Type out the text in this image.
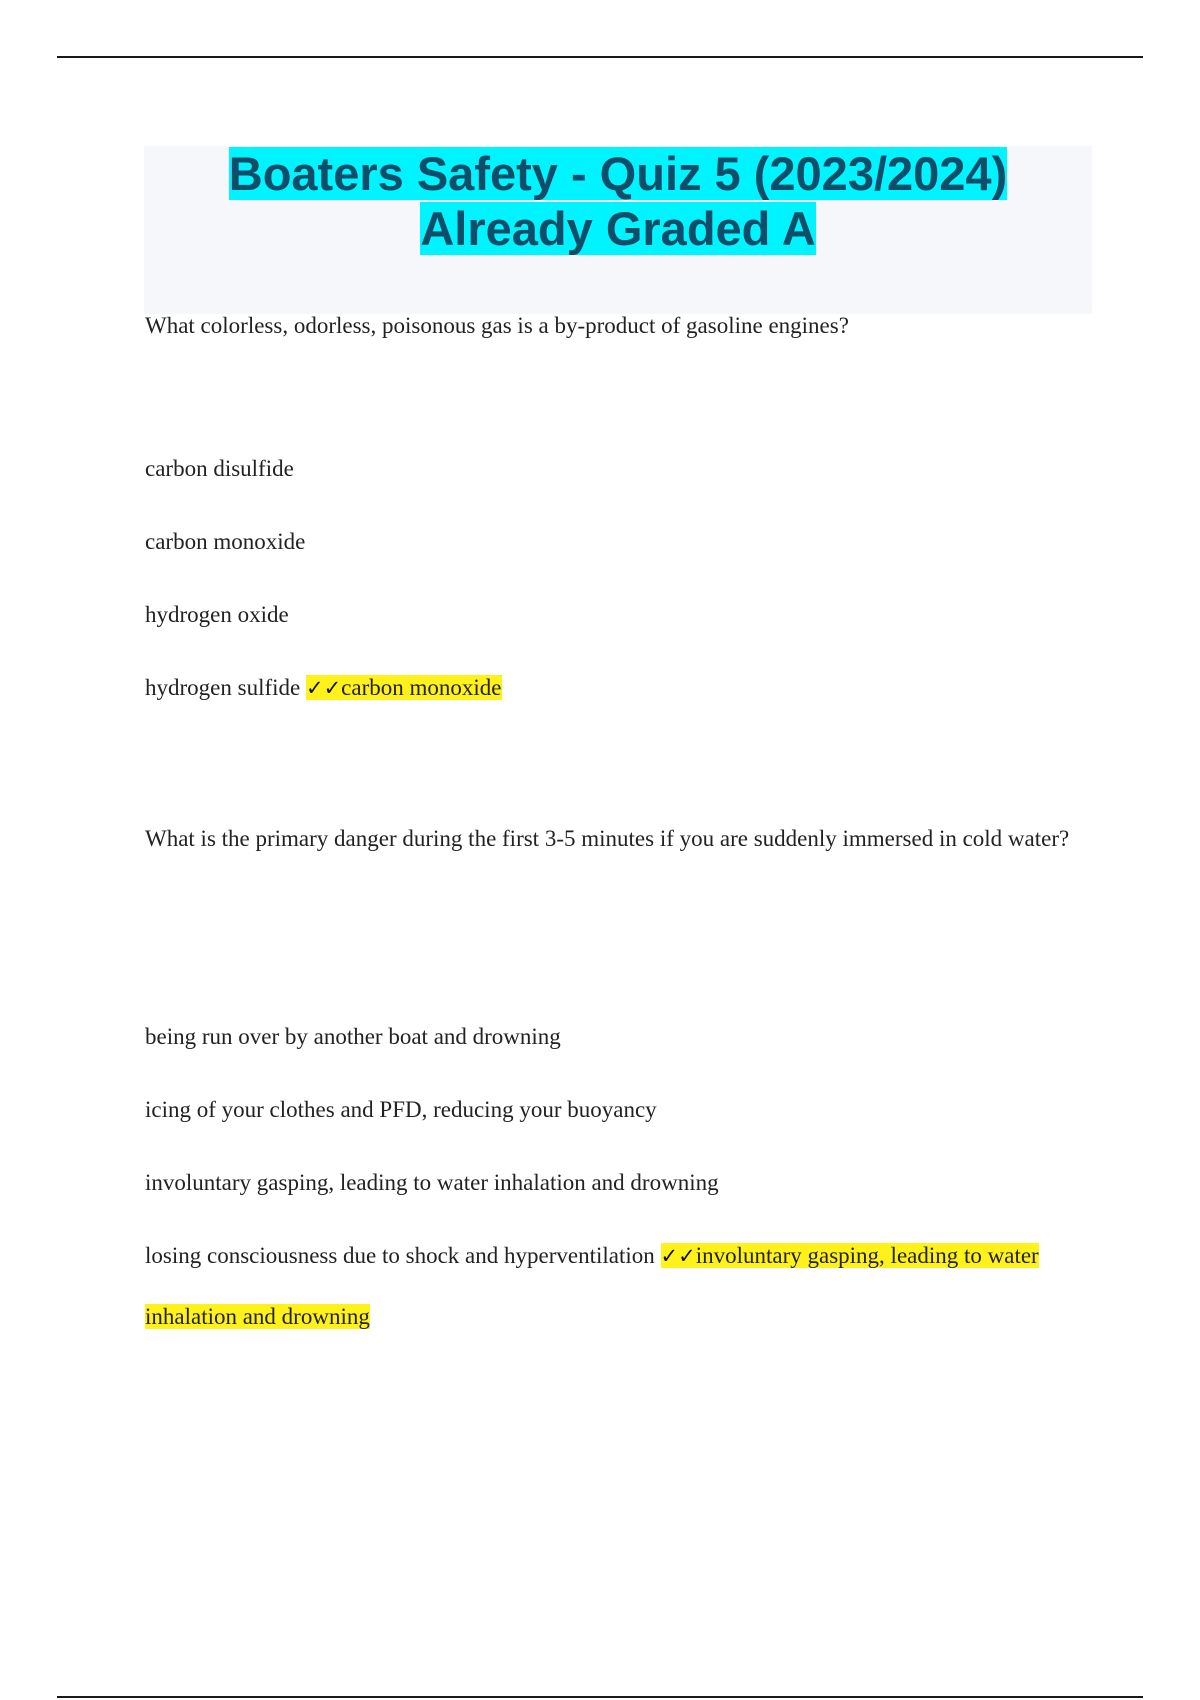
Boaters Safety - Quiz 5 (2023/2024)
Already Graded A

What colorless, odorless, poisonous gas is a by-product of gasoline engines?

carbon disulfide

carbon monoxide

hydrogen oxide

hydrogen sulfide ✓✓carbon monoxide

What is the primary danger during the first 3-5 minutes if you are suddenly immersed in cold water?

being run over by another boat and drowning

icing of your clothes and PFD, reducing your buoyancy

involuntary gasping, leading to water inhalation and drowning

losing consciousness due to shock and hyperventilation ✓✓involuntary gasping, leading to water

inhalation and drowning
